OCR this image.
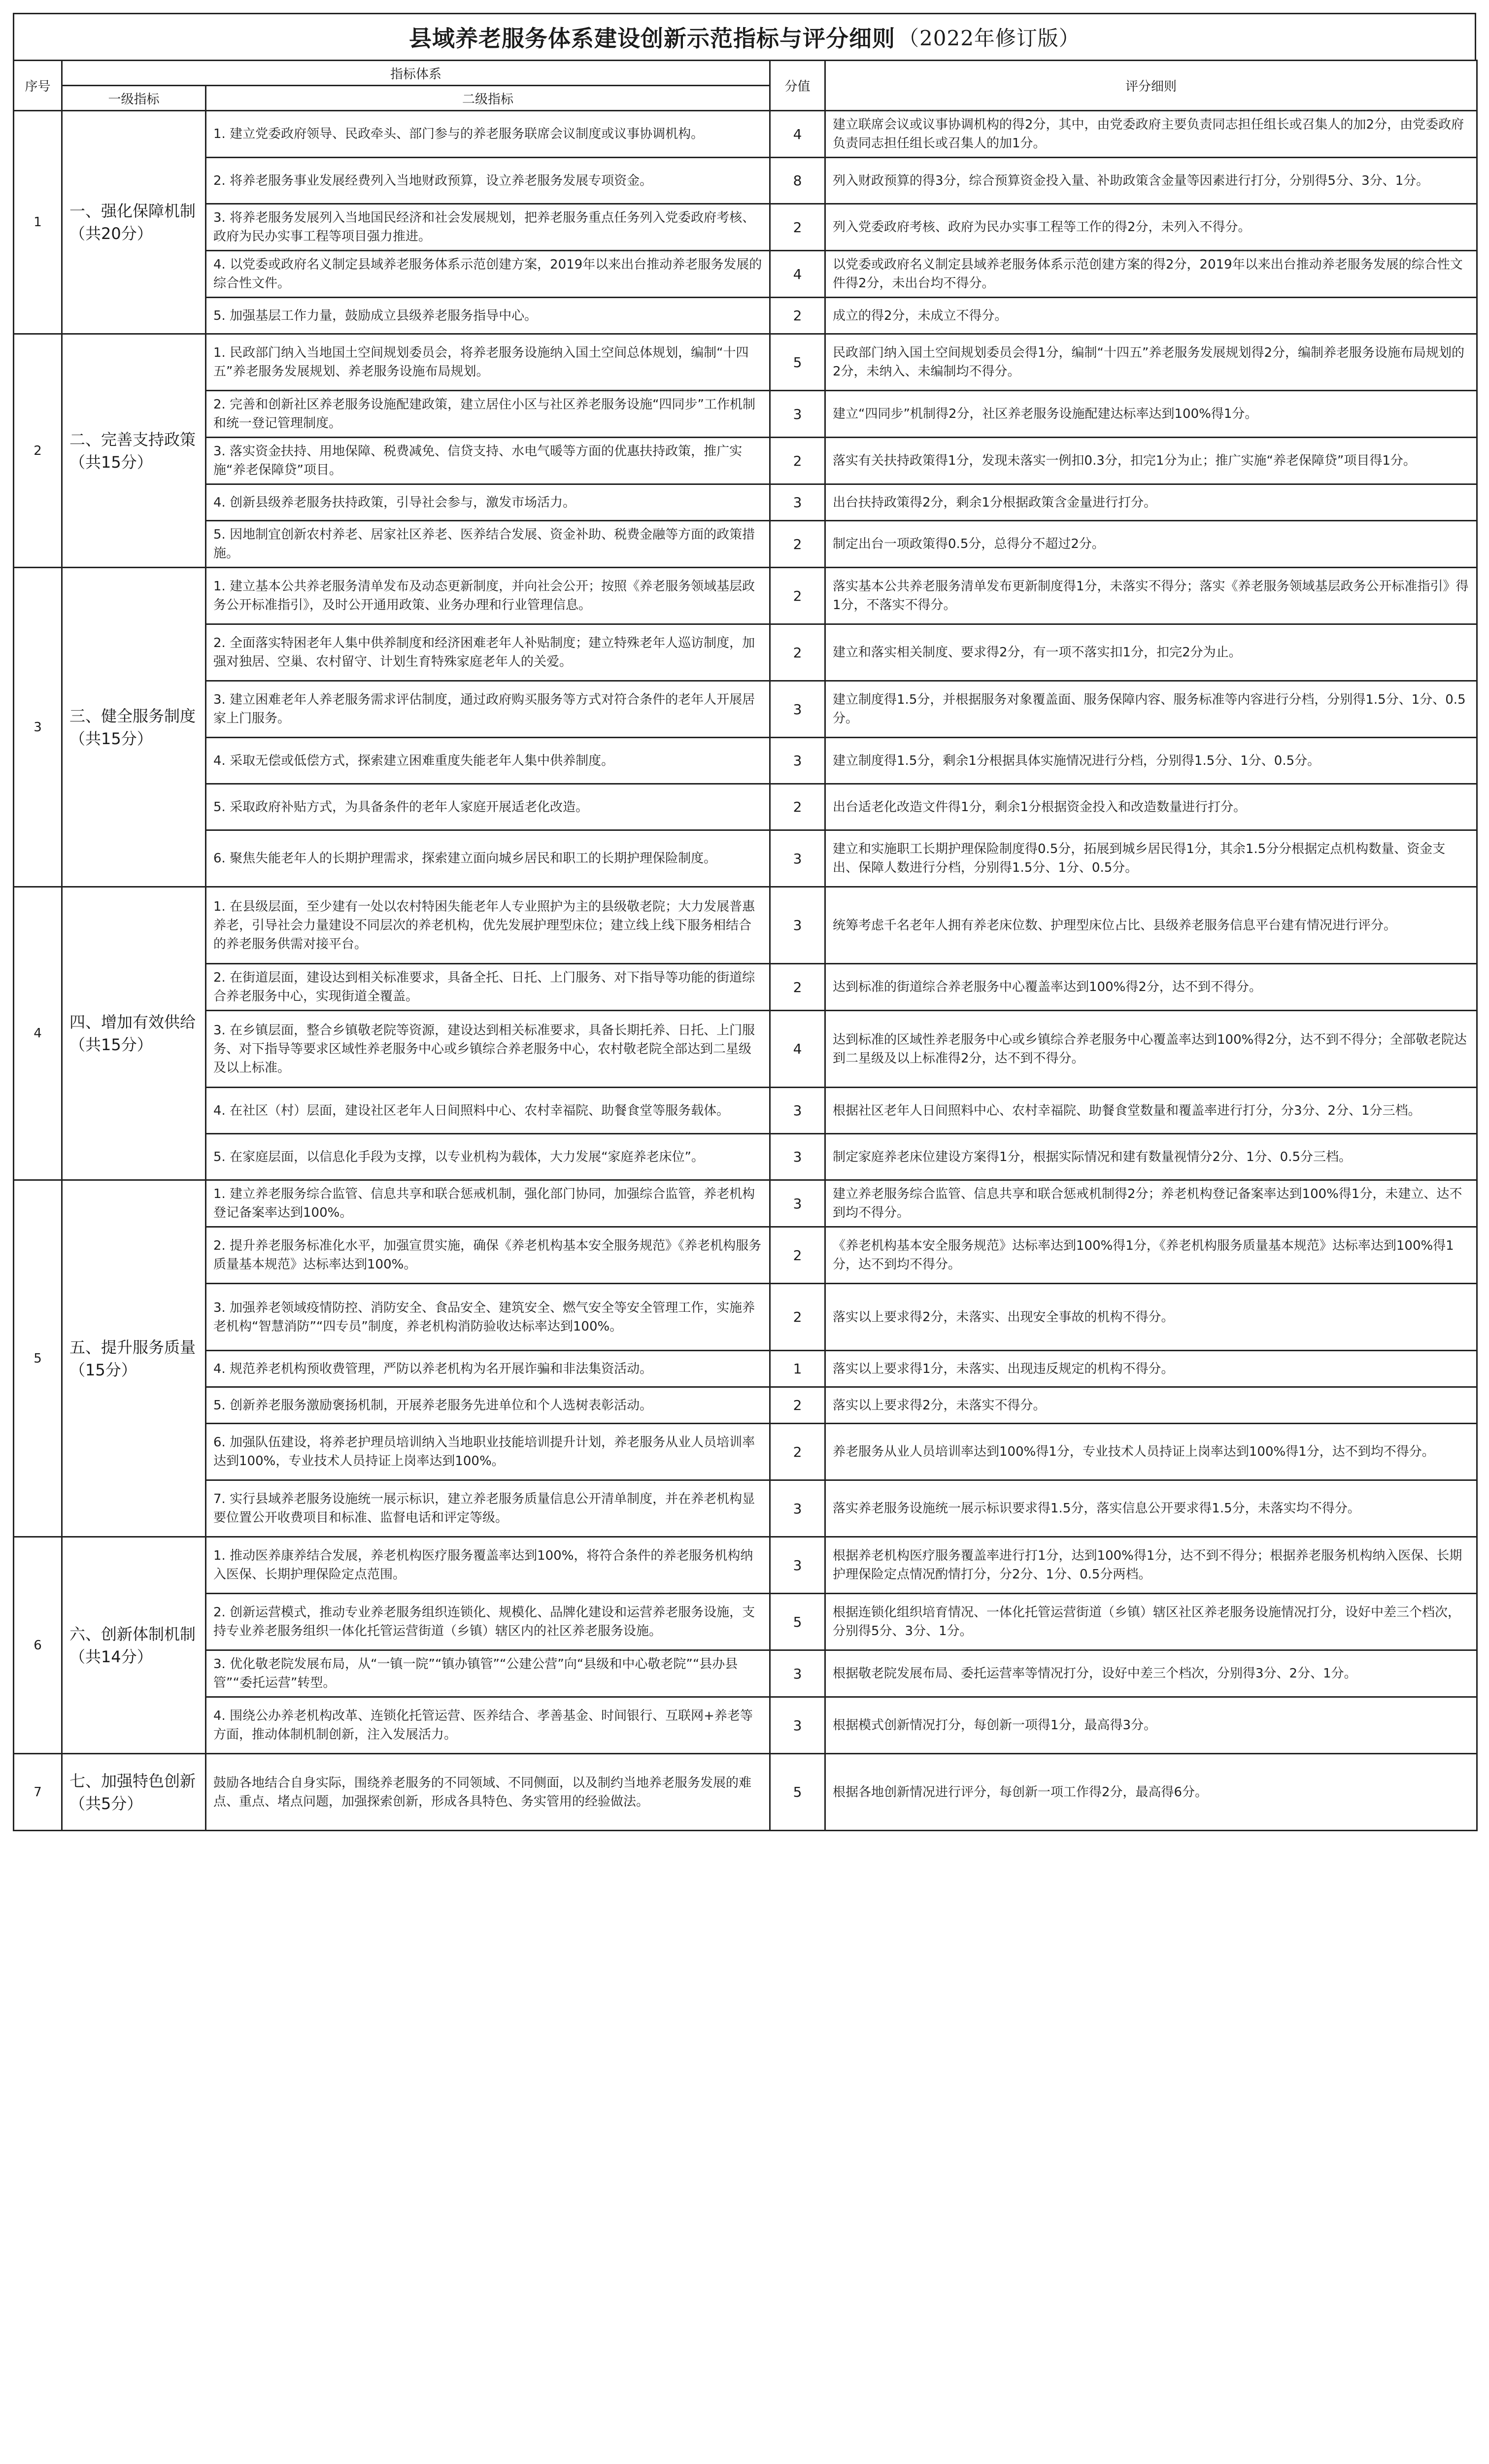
县域养老服务体系建设创新示范指标与评分细则 （2022年修订版）
序号	指标体系		分值	评分细则
	一级指标	二级指标		
1	一、强化保障机制（共20分）	1. 建立党委政府领导、民政牵头、部门参与的养老服务联席会议制度或议事协调机构。	4	建立联席会议或议事协调机构的得2分，其中，由党委政府主要负责同志担任组长或召集人的加2分，由党委政府负责同志担任组长或召集人的加1分。
		2. 将养老服务事业发展经费列入当地财政预算，设立养老服务发展专项资金。	8	列入财政预算的得3分，综合预算资金投入量、补助政策含金量等因素进行打分，分别得5分、3分、1分。
		3. 将养老服务发展列入当地国民经济和社会发展规划，把养老服务重点任务列入党委政府考核、政府为民办实事工程等项目强力推进。	2	列入党委政府考核、政府为民办实事工程等工作的得2分，未列入不得分。
		4. 以党委或政府名义制定县域养老服务体系示范创建方案，2019年以来出台推动养老服务发展的综合性文件。	4	以党委或政府名义制定县域养老服务体系示范创建方案的得2分，2019年以来出台推动养老服务发展的综合性文件得2分，未出台均不得分。
		5. 加强基层工作力量，鼓励成立县级养老服务指导中心。	2	成立的得2分，未成立不得分。
2	二、完善支持政策（共15分）	1. 民政部门纳入当地国土空间规划委员会，将养老服务设施纳入国土空间总体规划，编制“十四五”养老服务发展规划、养老服务设施布局规划。	5	民政部门纳入国土空间规划委员会得1分，编制“十四五”养老服务发展规划得2分，编制养老服务设施布局规划的2分，未纳入、未编制均不得分。
		2. 完善和创新社区养老服务设施配建政策，建立居住小区与社区养老服务设施“四同步”工作机制和统一登记管理制度。	3	建立“四同步”机制得2分，社区养老服务设施配建达标率达到100%得1分。
		3. 落实资金扶持、用地保障、税费减免、信贷支持、水电气暖等方面的优惠扶持政策，推广实施“养老保障贷”项目。	2	落实有关扶持政策得1分，发现未落实一例扣0.3分，扣完1分为止；推广实施“养老保障贷”项目得1分。
		4. 创新县级养老服务扶持政策，引导社会参与，激发市场活力。	3	出台扶持政策得2分，剩余1分根据政策含金量进行打分。
		5. 因地制宜创新农村养老、居家社区养老、医养结合发展、资金补助、税费金融等方面的政策措施。	2	制定出台一项政策得0.5分，总得分不超过2分。
3	三、健全服务制度（共15分）	1. 建立基本公共养老服务清单发布及动态更新制度，并向社会公开；按照《养老服务领域基层政务公开标准指引》，及时公开通用政策、业务办理和行业管理信息。	2	落实基本公共养老服务清单发布更新制度得1分，未落实不得分；落实《养老服务领域基层政务公开标准指引》得1分，不落实不得分。
		2. 全面落实特困老年人集中供养制度和经济困难老年人补贴制度；建立特殊老年人巡访制度，加强对独居、空巢、农村留守、计划生育特殊家庭老年人的关爱。	2	建立和落实相关制度、要求得2分，有一项不落实扣1分，扣完2分为止。
		3. 建立困难老年人养老服务需求评估制度，通过政府购买服务等方式对符合条件的老年人开展居家上门服务。	3	建立制度得1.5分，并根据服务对象覆盖面、服务保障内容、服务标准等内容进行分档，分别得1.5分、1分、0.5分。
		4. 采取无偿或低偿方式，探索建立困难重度失能老年人集中供养制度。	3	建立制度得1.5分，剩余1分根据具体实施情况进行分档，分别得1.5分、1分、0.5分。
		5. 采取政府补贴方式，为具备条件的老年人家庭开展适老化改造。	2	出台适老化改造文件得1分，剩余1分根据资金投入和改造数量进行打分。
		6. 聚焦失能老年人的长期护理需求，探索建立面向城乡居民和职工的长期护理保险制度。	3	建立和实施职工长期护理保险制度得0.5分，拓展到城乡居民得1分，其余1.5分分根据定点机构数量、资金支出、保障人数进行分档，分别得1.5分、1分、0.5分。
4	四、增加有效供给（共15分）	1. 在县级层面，至少建有一处以农村特困失能老年人专业照护为主的县级敬老院；大力发展普惠养老，引导社会力量建设不同层次的养老机构，优先发展护理型床位；建立线上线下服务相结合的养老服务供需对接平台。	3	统筹考虑千名老年人拥有养老床位数、护理型床位占比、县级养老服务信息平台建有情况进行评分。
		2. 在街道层面，建设达到相关标准要求，具备全托、日托、上门服务、对下指导等功能的街道综合养老服务中心，实现街道全覆盖。	2	达到标准的街道综合养老服务中心覆盖率达到100%得2分，达不到不得分。
		3. 在乡镇层面，整合乡镇敬老院等资源，建设达到相关标准要求，具备长期托养、日托、上门服务、对下指导等要求区域性养老服务中心或乡镇综合养老服务中心，农村敬老院全部达到二星级及以上标准。	4	达到标准的区域性养老服务中心或乡镇综合养老服务中心覆盖率达到100%得2分，达不到不得分；全部敬老院达到二星级及以上标准得2分，达不到不得分。
		4. 在社区（村）层面，建设社区老年人日间照料中心、农村幸福院、助餐食堂等服务载体。	3	根据社区老年人日间照料中心、农村幸福院、助餐食堂数量和覆盖率进行打分，分3分、2分、1分三档。
		5. 在家庭层面，以信息化手段为支撑，以专业机构为载体，大力发展“家庭养老床位”。	3	制定家庭养老床位建设方案得1分，根据实际情况和建有数量视情分2分、1分、0.5分三档。
5	五、提升服务质量（15分）	1. 建立养老服务综合监管、信息共享和联合惩戒机制，强化部门协同，加强综合监管，养老机构登记备案率达到100%。	3	建立养老服务综合监管、信息共享和联合惩戒机制得2分；养老机构登记备案率达到100%得1分，未建立、达不到均不得分。
		2. 提升养老服务标准化水平，加强宣贯实施，确保《养老机构基本安全服务规范》《养老机构服务质量基本规范》达标率达到100%。	2	《养老机构基本安全服务规范》达标率达到100%得1分，《养老机构服务质量基本规范》达标率达到100%得1分，达不到均不得分。
		3. 加强养老领域疫情防控、消防安全、食品安全、建筑安全、燃气安全等安全管理工作，实施养老机构“智慧消防”“四专员”制度，养老机构消防验收达标率达到100%。	2	落实以上要求得2分，未落实、出现安全事故的机构不得分。
		4. 规范养老机构预收费管理，严防以养老机构为名开展诈骗和非法集资活动。	1	落实以上要求得1分，未落实、出现违反规定的机构不得分。
		5. 创新养老服务激励褒扬机制，开展养老服务先进单位和个人选树表彰活动。	2	落实以上要求得2分，未落实不得分。
		6. 加强队伍建设，将养老护理员培训纳入当地职业技能培训提升计划，养老服务从业人员培训率达到100%，专业技术人员持证上岗率达到100%。	2	养老服务从业人员培训率达到100%得1分，专业技术人员持证上岗率达到100%得1分，达不到均不得分。
		7. 实行县域养老服务设施统一展示标识，建立养老服务质量信息公开清单制度，并在养老机构显要位置公开收费项目和标准、监督电话和评定等级。	3	落实养老服务设施统一展示标识要求得1.5分，落实信息公开要求得1.5分，未落实均不得分。
6	六、创新体制机制（共14分）	1. 推动医养康养结合发展，养老机构医疗服务覆盖率达到100%，将符合条件的养老服务机构纳入医保、长期护理保险定点范围。	3	根据养老机构医疗服务覆盖率进行打1分，达到100%得1分，达不到不得分；根据养老服务机构纳入医保、长期护理保险定点情况酌情打分，分2分、1分、0.5分两档。
		2. 创新运营模式，推动专业养老服务组织连锁化、规模化、品牌化建设和运营养老服务设施，支持专业养老服务组织一体化托管运营街道（乡镇）辖区内的社区养老服务设施。	5	根据连锁化组织培育情况、一体化托管运营街道（乡镇）辖区社区养老服务设施情况打分，设好中差三个档次，分别得5分、3分、1分。
		3. 优化敬老院发展布局，从“一镇一院”“镇办镇管”“公建公营”向“县级和中心敬老院”“县办县管”“委托运营”转型。	3	根据敬老院发展布局、委托运营率等情况打分，设好中差三个档次，分别得3分、2分、1分。
		4. 围绕公办养老机构改革、连锁化托管运营、医养结合、孝善基金、时间银行、互联网+养老等方面，推动体制机制创新，注入发展活力。	3	根据模式创新情况打分，每创新一项得1分，最高得3分。
7	七、加强特色创新（共5分）	鼓励各地结合自身实际，围绕养老服务的不同领域、不同侧面，以及制约当地养老服务发展的难点、重点、堵点问题，加强探索创新，形成各具特色、务实管用的经验做法。	5	根据各地创新情况进行评分，每创新一项工作得2分，最高得6分。
